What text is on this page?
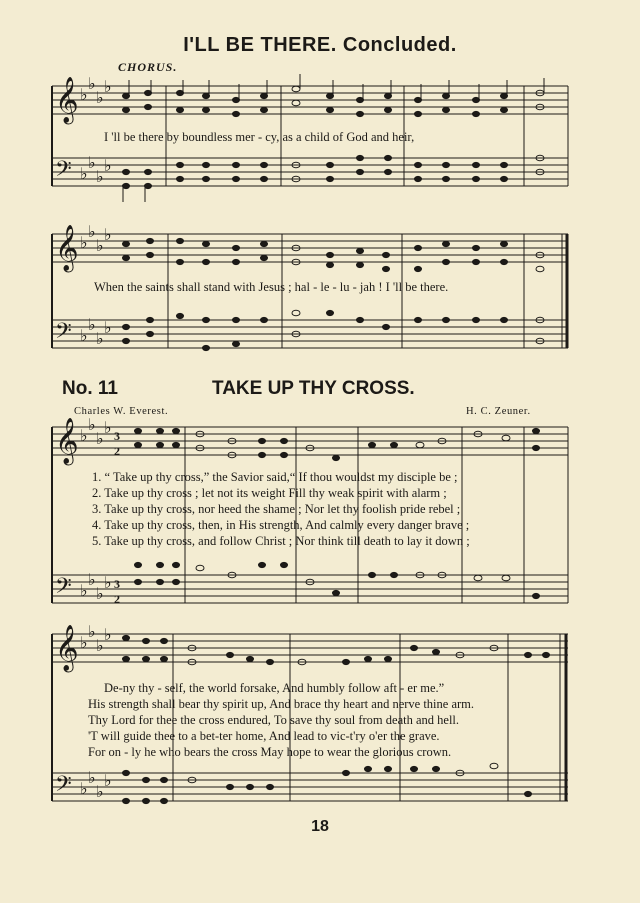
I'LL BE THERE. Concluded.
CHORUS.
𝄞
𝄢
𝄞
𝄢
𝄞
𝄢
𝄞
𝄢
♭
♭
♭
♭
♭
♭
♭
♭
♭
♭
♭
♭
♭
♭
♭
♭
♭
♭
♭
♭
♭
♭
♭
♭
♭
♭
♭
♭
♭
♭
♭
♭
3
2
3
2
I 'll be there by boundless mer - cy, as a child of God and heir,
When the saints shall stand with Jesus ; hal - le - lu - jah ! I 'll be there.
No. 11	TAKE UP THY CROSS.
Charles W. Everest.	H. C. Zeuner.
1. “ Take up thy cross,” the Savior said,“ If thou wouldst my disciple be ;
2. Take up thy cross ; let not its weight Fill thy weak spirit with alarm ;
3. Take up thy cross, nor heed the shame ; Nor let thy foolish pride rebel ;
4. Take up thy cross, then, in His strength, And calmly every danger brave ;
5. Take up thy cross, and follow Christ ; Nor think till death to lay it down ;
De-ny thy - self, the world forsake, And humbly follow aft - er me.”
His strength shall bear thy spirit up, And brace thy heart and nerve thine arm.
Thy Lord for thee the cross endured, To save thy soul from death and hell.
'T will guide thee to a bet-ter home, And lead to vic-t'ry o'er the grave.
For on - ly he who bears the cross May hope to wear the glorious crown.
18
